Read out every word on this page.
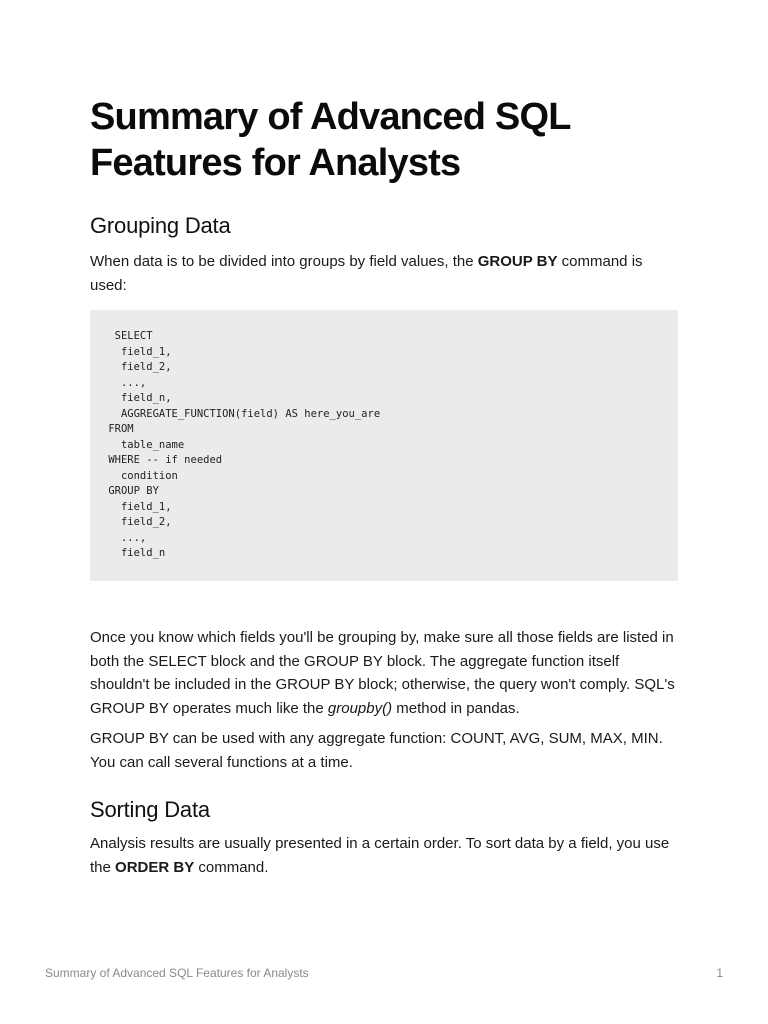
Summary of Advanced SQL Features for Analysts
Grouping Data

When data is to be divided into groups by field values, the GROUP BY command is used:

SELECT
field_1,
field_2,
...,
field_n,
AGGREGATE_FUNCTION(field) AS here_you_are
FROM
table_name
WHERE -- if needed
condition
GROUP BY
field_1,
field_2,
...,
field_n

Once you know which fields you'll be grouping by, make sure all those fields are listed in both the SELECT block and the GROUP BY block. The aggregate function itself shouldn't be included in the GROUP BY block; otherwise, the query won't comply. SQL's GROUP BY operates much like the groupby() method in pandas.

GROUP BY can be used with any aggregate function: COUNT, AVG, SUM, MAX, MIN. You can call several functions at a time.

Sorting Data

Analysis results are usually presented in a certain order. To sort data by a field, you use the ORDER BY command.

Summary of Advanced SQL Features for Analysts	1
